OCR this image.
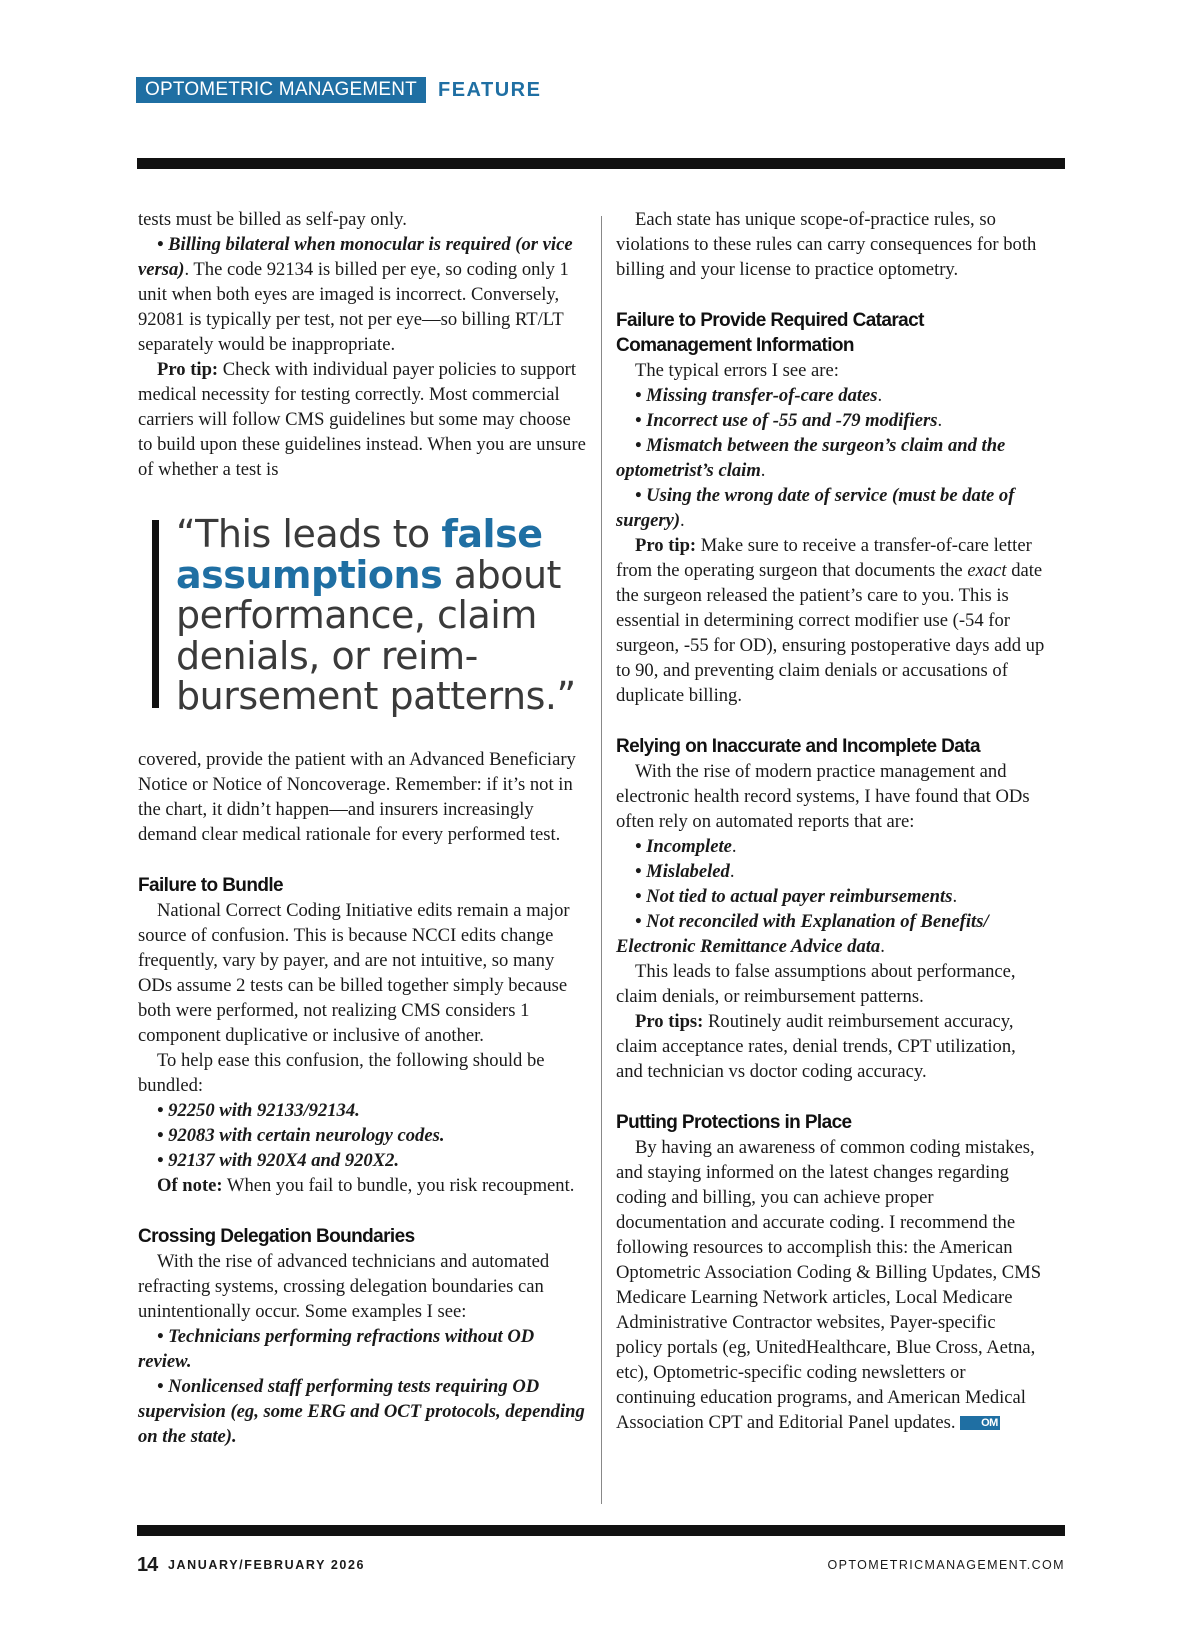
OPTOMETRIC MANAGEMENT	FEATURE

tests must be billed as self-pay only.

• Billing bilateral when monocular is required (or vice versa). The code 92134 is billed per eye, so coding only 1 unit when both eyes are imaged is incorrect. Conversely, 92081 is typically per test, not per eye—so billing RT/LT separately would be inappropriate.

Pro tip: Check with individual payer policies to support medical necessity for testing correctly. Most commercial carriers will follow CMS guidelines but some may choose to build upon these guidelines instead. When you are unsure of whether a test is

“This leads to false assumptions about performance, claim denials, or reimbursement patterns.”

covered, provide the patient with an Advanced Beneficiary Notice or Notice of Noncoverage. Remember: if it’s not in the chart, it didn’t happen—and insurers increasingly demand clear medical rationale for every performed test.

Failure to Bundle

National Correct Coding Initiative edits remain a major source of confusion. This is because NCCI edits change frequently, vary by payer, and are not intuitive, so many ODs assume 2 tests can be billed together simply because both were performed, not realizing CMS considers 1 component duplicative or inclusive of another.

To help ease this confusion, the following should be bundled:

• 92250 with 92133/92134.

• 92083 with certain neurology codes.

• 92137 with 920X4 and 920X2.

Of note: When you fail to bundle, you risk recoupment.

Crossing Delegation Boundaries

With the rise of advanced technicians and automated refracting systems, crossing delegation boundaries can unintentionally occur. Some examples I see:

• Technicians performing refractions without OD review.

• Nonlicensed staff performing tests requiring OD supervision (eg, some ERG and OCT protocols, depending on the state).

Each state has unique scope-of-practice rules, so violations to these rules can carry consequences for both billing and your license to practice optometry.

Failure to Provide Required Cataract Comanagement Information

The typical errors I see are:

• Missing transfer-of-care dates.

• Incorrect use of -55 and -79 modifiers.

• Mismatch between the surgeon’s claim and the optometrist’s claim.

• Using the wrong date of service (must be date of surgery).

Pro tip: Make sure to receive a transfer-of-care letter from the operating surgeon that documents the exact date the surgeon released the patient’s care to you. This is essential in determining correct modifier use (-54 for surgeon, -55 for OD), ensuring postoperative days add up to 90, and preventing claim denials or accusations of duplicate billing.

Relying on Inaccurate and Incomplete Data

With the rise of modern practice management and electronic health record systems, I have found that ODs often rely on automated reports that are:

• Incomplete.

• Mislabeled.

• Not tied to actual payer reimbursements.

• Not reconciled with Explanation of Benefits/ Electronic Remittance Advice data.

This leads to false assumptions about performance, claim denials, or reimbursement patterns.

Pro tips: Routinely audit reimbursement accuracy, claim acceptance rates, denial trends, CPT utilization, and technician vs doctor coding accuracy.

Putting Protections in Place

By having an awareness of common coding mistakes, and staying informed on the latest changes regarding coding and billing, you can achieve proper documentation and accurate coding. I recommend the following resources to accomplish this: the American Optometric Association Coding & Billing Updates, CMS Medicare Learning Network articles, Local Medicare Administrative Contractor websites, Payer-specific policy portals (eg, UnitedHealthcare, Blue Cross, Aetna, etc), Optometric-specific coding newsletters or continuing education programs, and American Medical Association CPT and Editorial Panel updates. OM

14 JANUARY/FEBRUARY 2026	OPTOMETRICMANAGEMENT.COM
